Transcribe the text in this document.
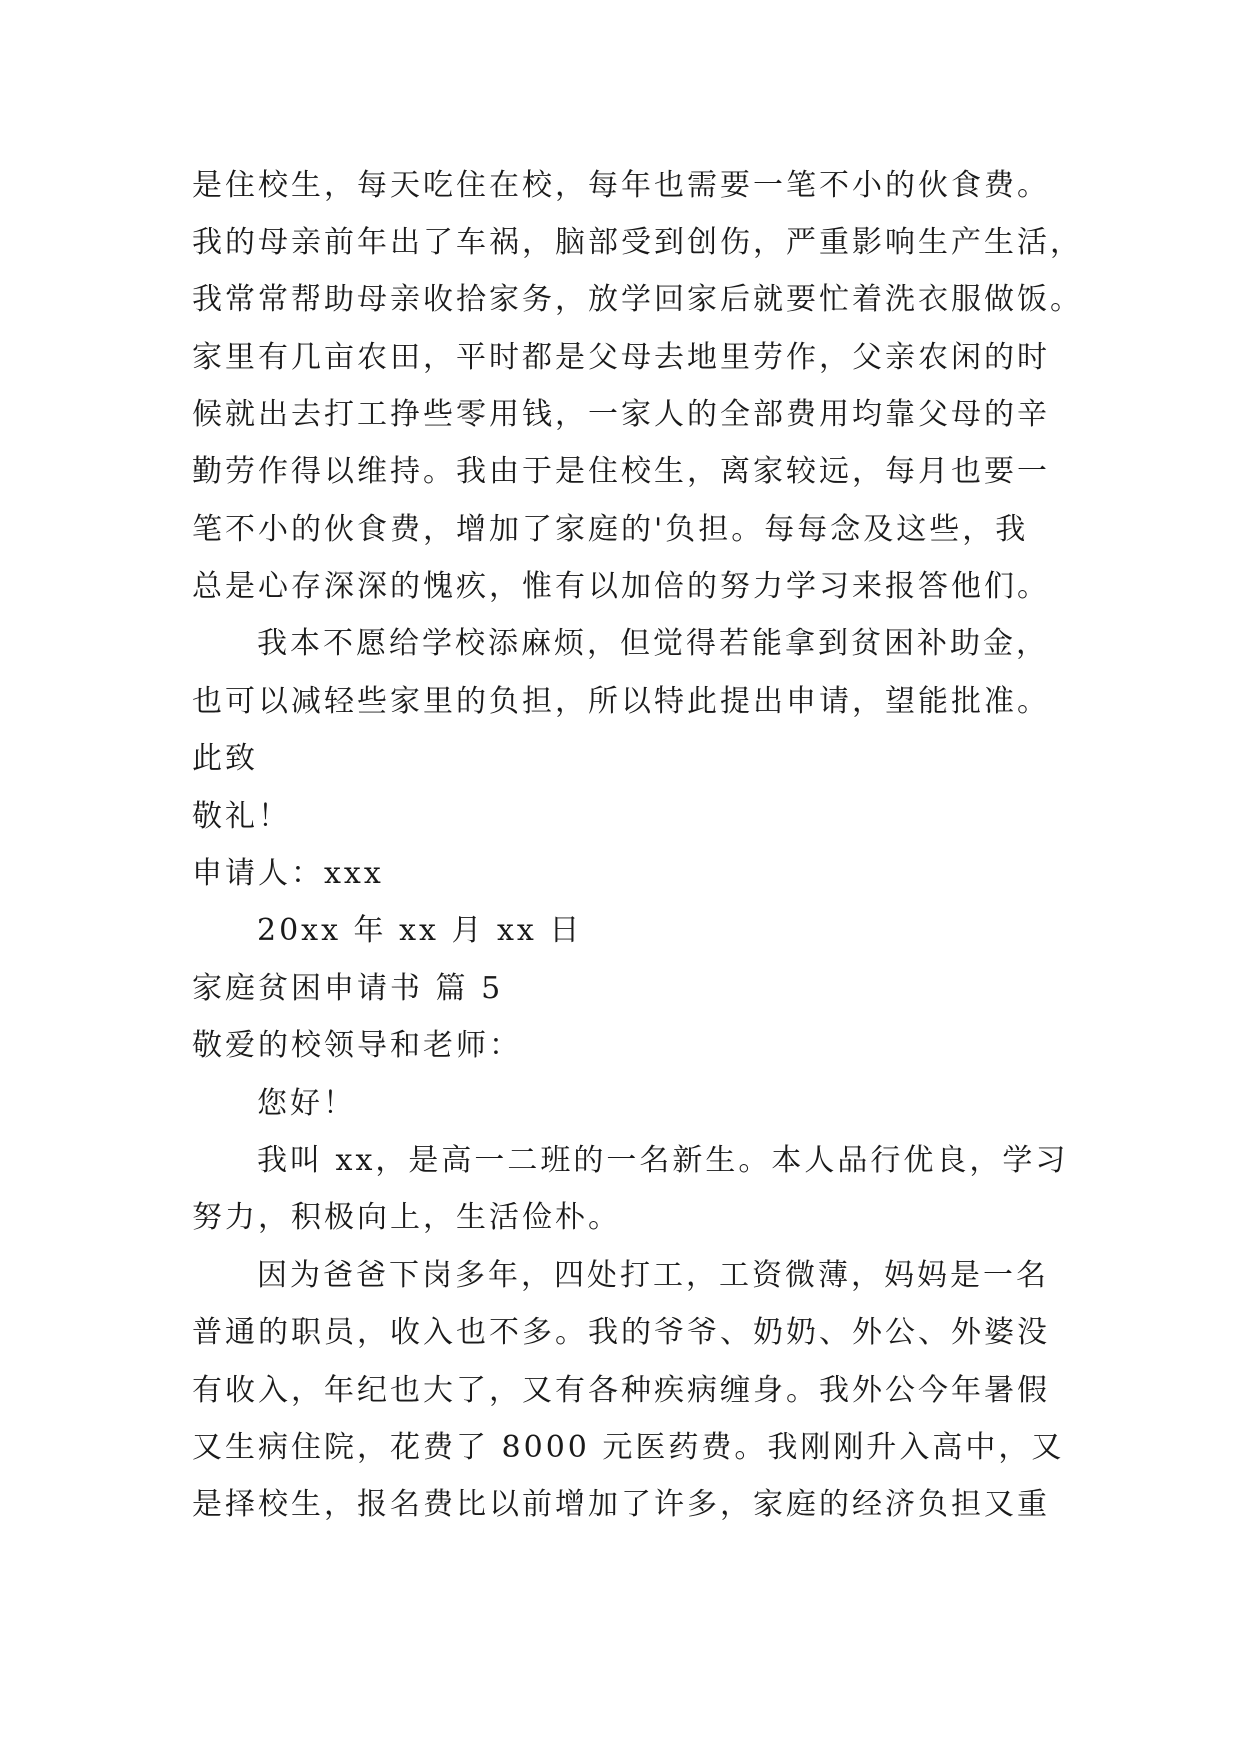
是住校生，每天吃住在校，每年也需要一笔不小的伙食费。
我的母亲前年出了车祸，脑部受到创伤，严重影响生产生活，
我常常帮助母亲收拾家务，放学回家后就要忙着洗衣服做饭。
家里有几亩农田，平时都是父母去地里劳作，父亲农闲的时
候就出去打工挣些零用钱，一家人的全部费用均靠父母的辛
勤劳作得以维持。我由于是住校生，离家较远，每月也要一
笔不小的伙食费，增加了家庭的'负担。每每念及这些，我
总是心存深深的愧疚，惟有以加倍的努力学习来报答他们。
我本不愿给学校添麻烦，但觉得若能拿到贫困补助金，
也可以减轻些家里的负担，所以特此提出申请，望能批准。
此致
敬礼！
申请人：xxx
20xx 年 xx 月 xx 日
家庭贫困申请书 篇 5
敬爱的校领导和老师：
您好！
我叫 xx，是高一二班的一名新生。本人品行优良，学习
努力，积极向上，生活俭朴。
因为爸爸下岗多年，四处打工，工资微薄，妈妈是一名
普通的职员，收入也不多。我的爷爷、奶奶、外公、外婆没
有收入，年纪也大了，又有各种疾病缠身。我外公今年暑假
又生病住院，花费了 8000 元医药费。我刚刚升入高中，又
是择校生，报名费比以前增加了许多，家庭的经济负担又重
